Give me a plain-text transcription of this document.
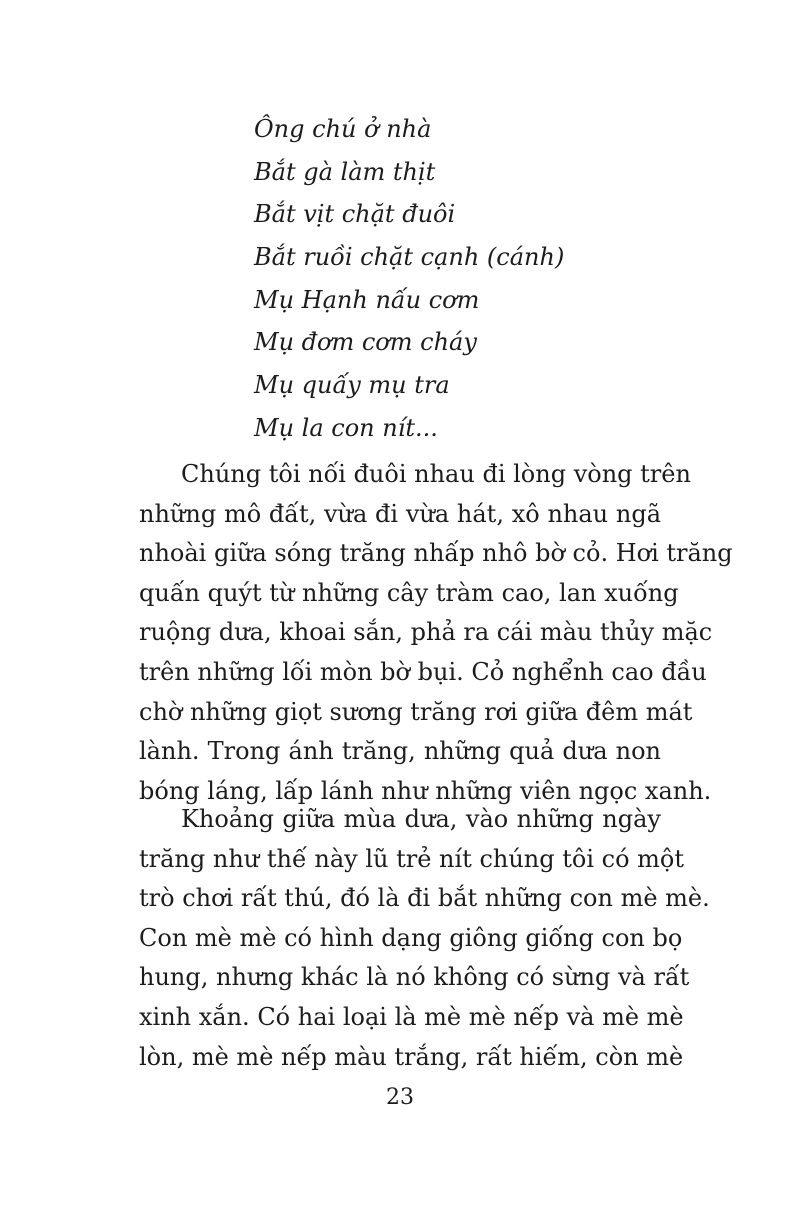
Ông chú ở nhà
Bắt gà làm thịt
Bắt vịt chặt đuôi
Bắt ruồi chặt cạnh (cánh)
Mụ Hạnh nấu cơm
Mụ đơm cơm cháy
Mụ quấy mụ tra
Mụ la con nít...

Chúng tôi nối đuôi nhau đi lòng vòng trên
những mô đất, vừa đi vừa hát, xô nhau ngã
nhoài giữa sóng trăng nhấp nhô bờ cỏ. Hơi trăng
quấn quýt từ những cây tràm cao, lan xuống
ruộng dưa, khoai sắn, phả ra cái màu thủy mặc
trên những lối mòn bờ bụi. Cỏ nghểnh cao đầu
chờ những giọt sương trăng rơi giữa đêm mát
lành. Trong ánh trăng, những quả dưa non
bóng láng, lấp lánh như những viên ngọc xanh.

Khoảng giữa mùa dưa, vào những ngày
trăng như thế này lũ trẻ nít chúng tôi có một
trò chơi rất thú, đó là đi bắt những con mè mè.
Con mè mè có hình dạng giông giống con bọ
hung, nhưng khác là nó không có sừng và rất
xinh xắn. Có hai loại là mè mè nếp và mè mè
lòn, mè mè nếp màu trắng, rất hiếm, còn mè

23
